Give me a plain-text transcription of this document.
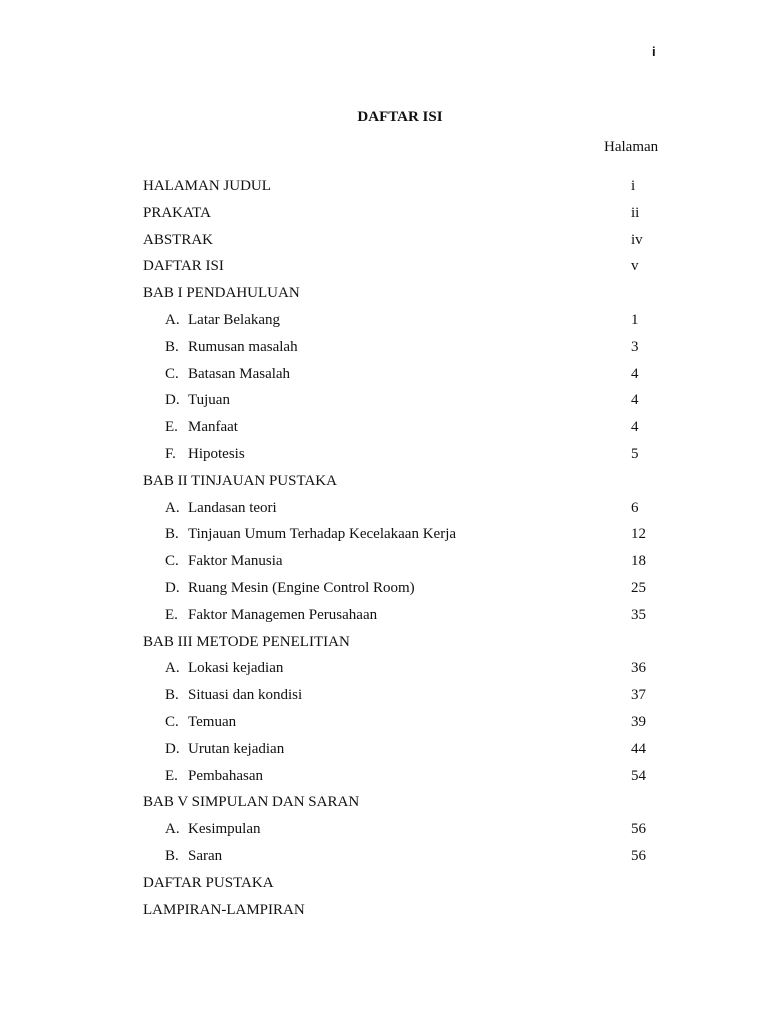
i
DAFTAR ISI
Halaman
HALAMAN JUDUL	i
PRAKATA	ii
ABSTRAK	iv
DAFTAR ISI	v
BAB I PENDAHULUAN
A. Latar Belakang	1
B. Rumusan masalah	3
C. Batasan Masalah	4
D. Tujuan	4
E. Manfaat	4
F. Hipotesis	5
BAB II TINJAUAN PUSTAKA
A. Landasan teori	6
B. Tinjauan Umum Terhadap Kecelakaan Kerja	12
C. Faktor Manusia	18
D. Ruang Mesin (Engine Control Room)	25
E. Faktor Managemen Perusahaan	35
BAB III METODE PENELITIAN
A. Lokasi kejadian	36
B. Situasi dan kondisi	37
C. Temuan	39
D. Urutan kejadian	44
E. Pembahasan	54
BAB V SIMPULAN DAN SARAN
A. Kesimpulan	56
B. Saran	56
DAFTAR PUSTAKA
LAMPIRAN-LAMPIRAN
